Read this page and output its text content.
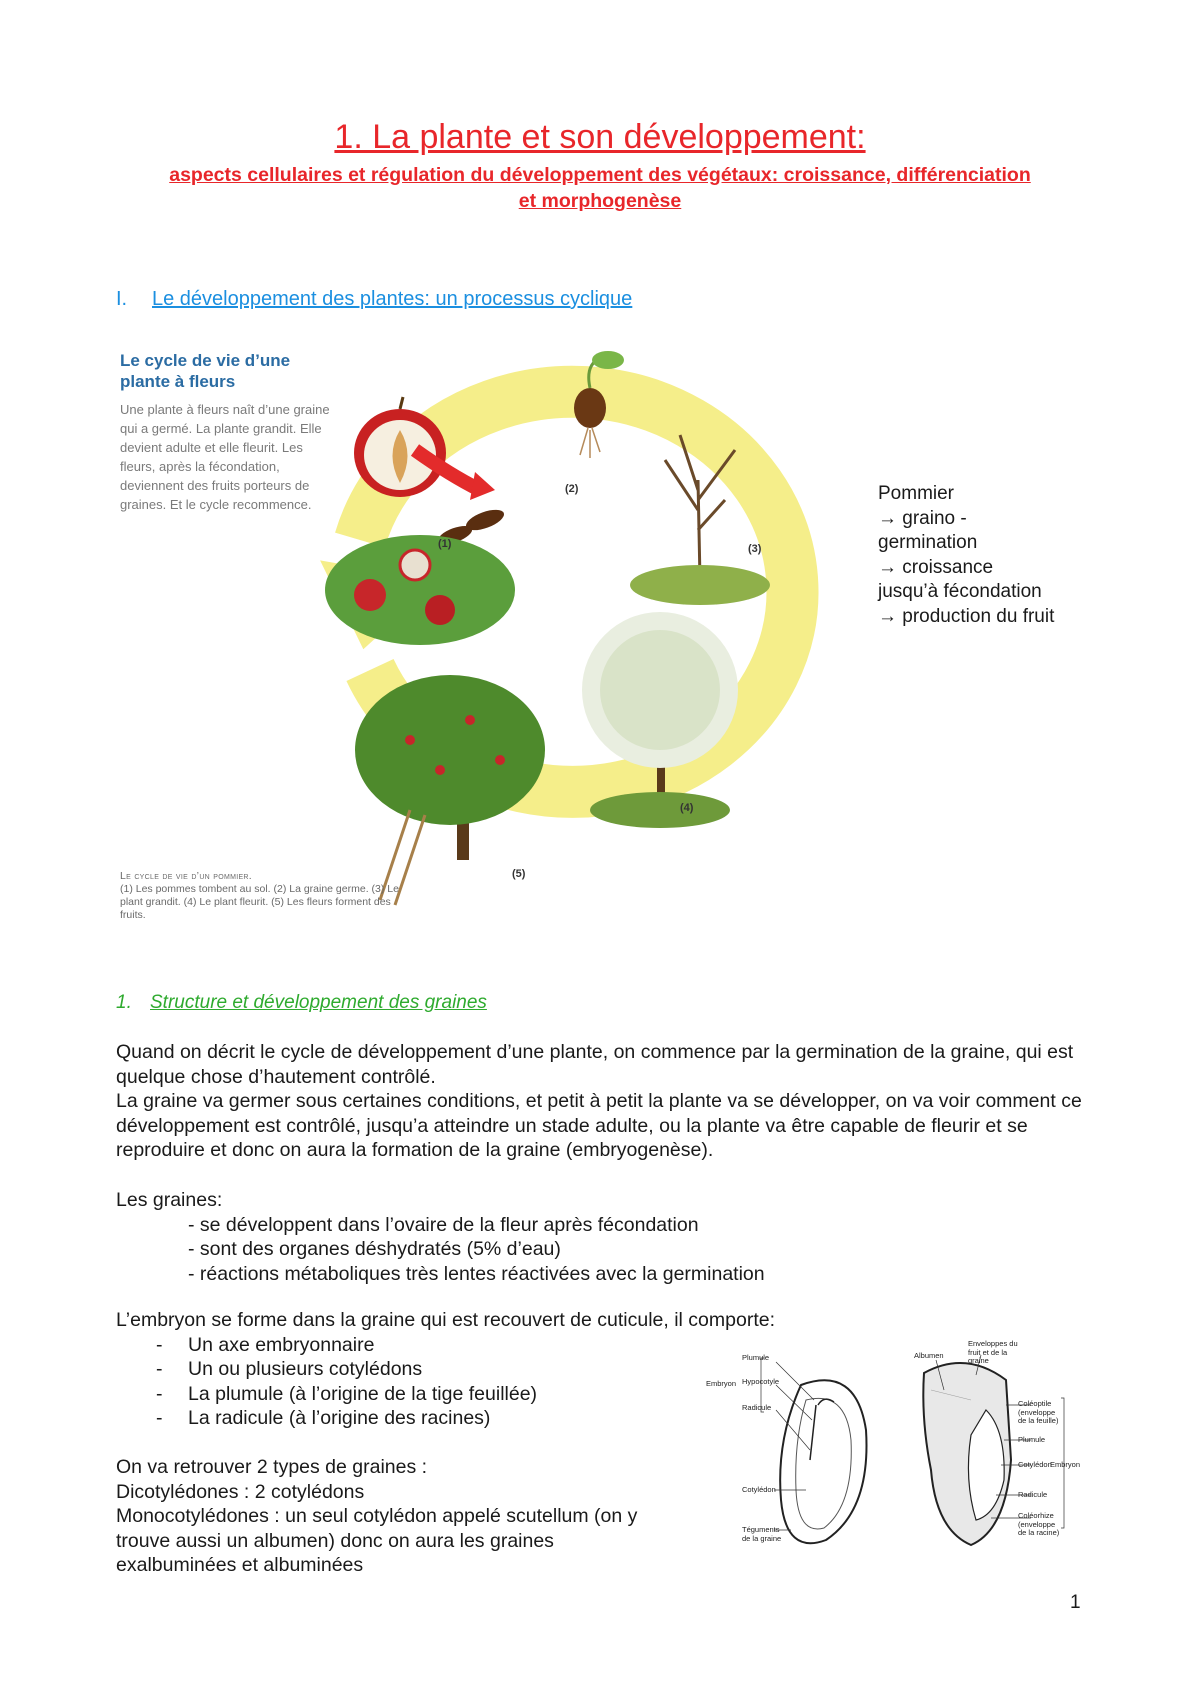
1. La plante et son développement:
aspects cellulaires et régulation du développement des végétaux: croissance, différenciation et morphogenèse
I. Le développement des plantes: un processus cyclique
Le cycle de vie d’une
plante à fleurs
Une plante à fleurs naît d’une graine qui a germé. La plante grandit. Elle devient adulte et elle fleurit. Les fleurs, après la fécondation, deviennent des fruits porteurs de graines. Et le cycle recommence.
(1)
(2)
(3)
(4)
(5)
Le cycle de vie d’un pommier.
(1) Les pommes tombent au sol. (2) La graine germe. (3) Le plant grandit. (4) Le plant fleurit. (5) Les fleurs forment des fruits.
Pommier
→ graino -
germination
→ croissance
jusqu’à fécondation
→ production du fruit
1. Structure et développement des graines

Quand on décrit le cycle de développement d’une plante, on commence par la germination de la graine, qui est quelque chose d’hautement contrôlé.

La graine va germer sous certaines conditions, et petit à petit la plante va se développer, on va voir comment ce développement est contrôlé, jusqu’a atteindre un stade adulte, ou la plante va être capable de fleurir et se reproduire et donc on aura la formation de la graine (embryogenèse).

Les graines:
- se développent dans l’ovaire de la fleur après fécondation
- sont des organes déshydratés (5% d’eau)
- réactions métaboliques très lentes réactivées avec la germination
L’embryon se forme dans la graine qui est recouvert de cuticule, il comporte:
- Un axe embryonnaire
- Un ou plusieurs cotylédons
- La plumule (à l’origine de la tige feuillée)
- La radicule (à l’origine des racines)
On va retrouver 2 types de graines :
Dicotylédones : 2 cotylédons
Monocotylédones : un seul cotylédon appelé scutellum (on y trouve aussi un albumen) donc on aura les graines exalbuminées et albuminées
Plumule
Embryon Hypocotyle
Radicule
Cotylédon
Téguments de la graine
Albumen
Enveloppes du fruit et de la graine
Coléoptile (enveloppe de la feuille)
Plumule
Cotylédon
Embryon
Radicule
Coléorhize (enveloppe de la racine)
1
